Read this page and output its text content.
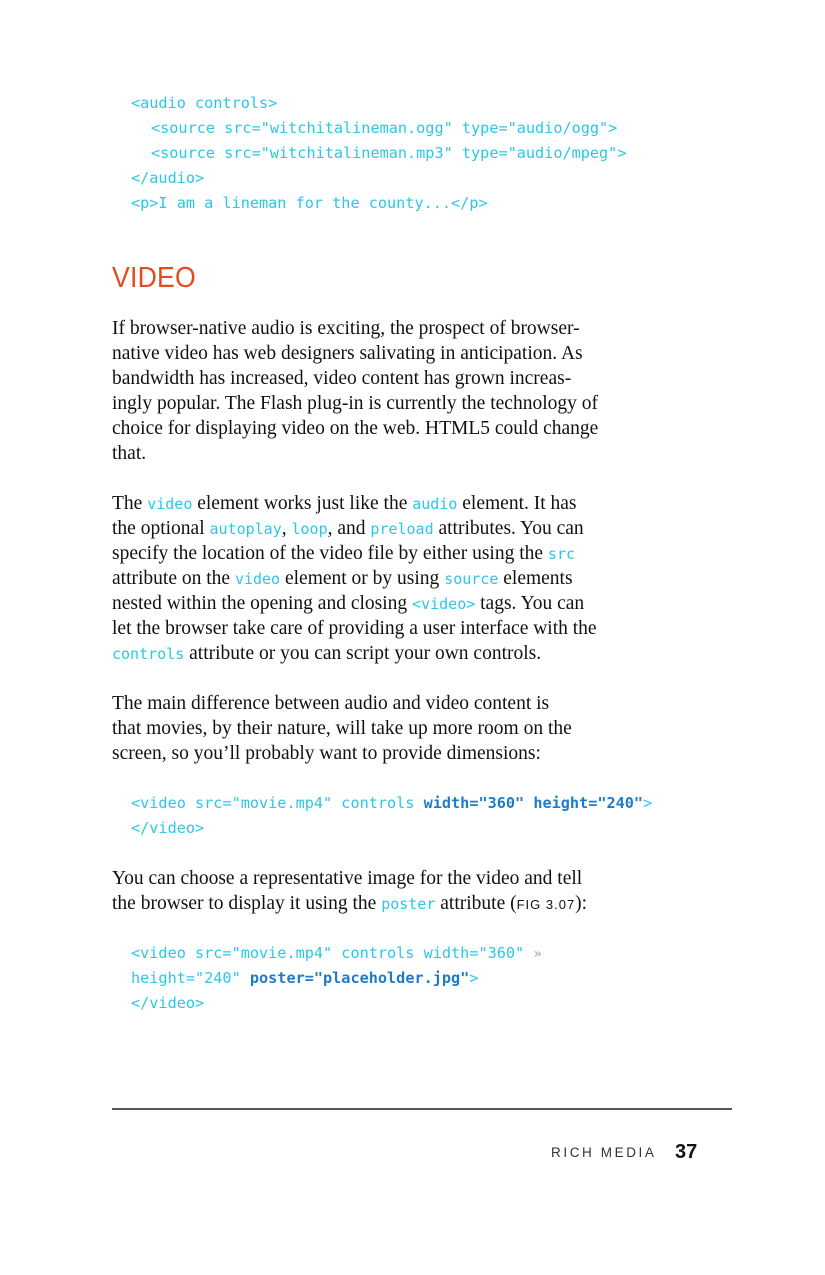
<audio controls>

<source src="witchitalineman.ogg" type="audio/ogg">

<source src="witchitalineman.mp3" type="audio/mpeg">

</audio>

<p>I am a lineman for the county...</p>

VIDEO
If browser-native audio is exciting, the prospect of browser-
native video has web designers salivating in anticipation. As
bandwidth has increased, video content has grown increas-
ingly popular. The Flash plug-in is currently the technology of
choice for displaying video on the web. HTML5 could change
that.
The video element works just like the audio element. It has
the optional autoplay, loop, and preload attributes. You can
specify the location of the video file by either using the src
attribute on the video element or by using source elements
nested within the opening and closing <video> tags. You can
let the browser take care of providing a user interface with the
controls attribute or you can script your own controls.
The main difference between audio and video content is
that movies, by their nature, will take up more room on the
screen, so you’ll probably want to provide dimensions:

<video src="movie.mp4" controls width="360" height="240">

</video>

You can choose a representative image for the video and tell
the browser to display it using the poster attribute (FIG 3.07):

<video src="movie.mp4" controls width="360" »

height="240" poster="placeholder.jpg">

</video>

RICH MEDIA 37
